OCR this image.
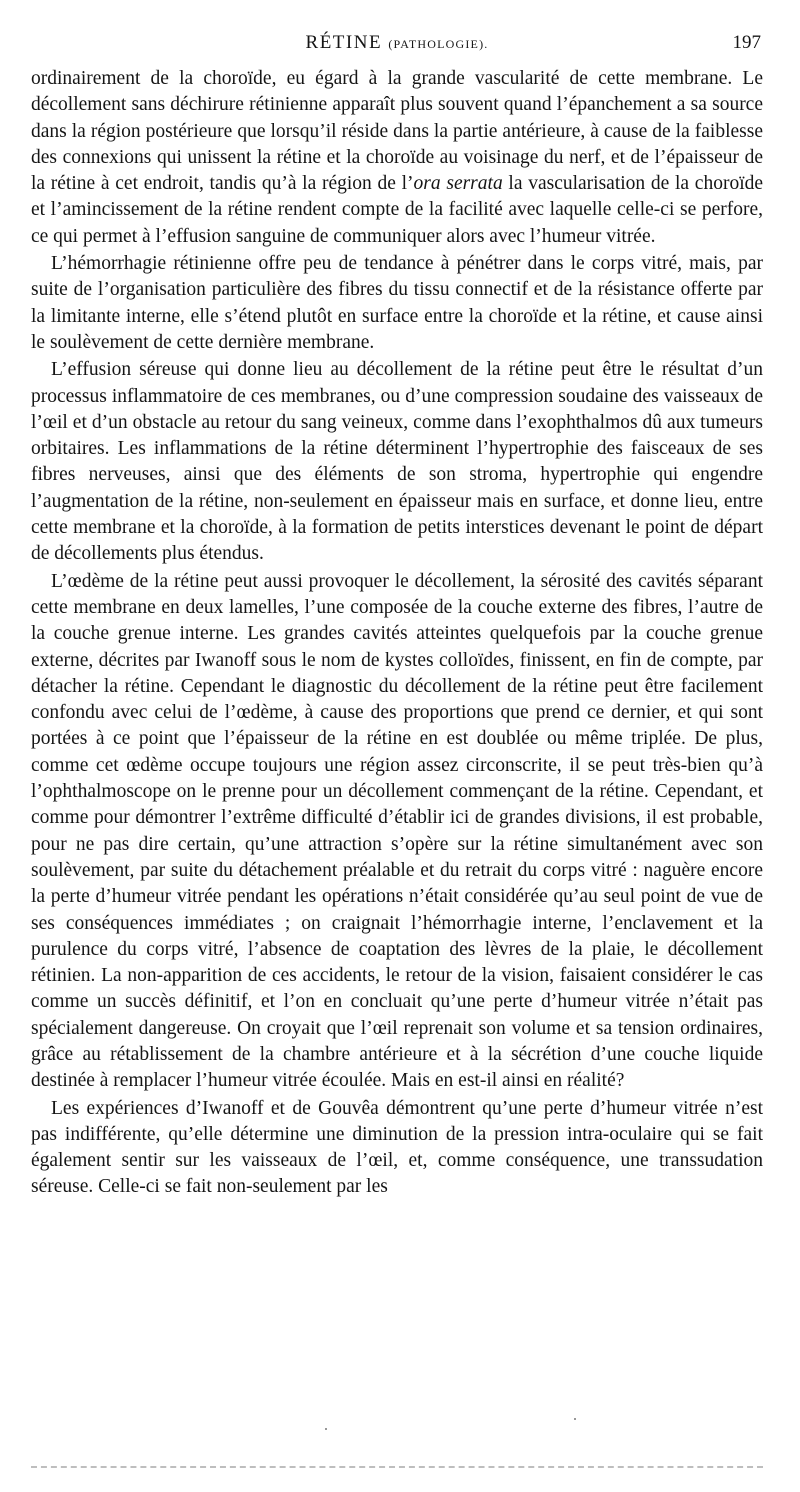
RÉTINE (PATHOLOGIE).	197

ordinairement de la choroïde, eu égard à la grande vascularité de cette membrane. Le décollement sans déchirure rétinienne apparaît plus souvent quand l’épanchement a sa source dans la région postérieure que lorsqu’il réside dans la partie antérieure, à cause de la faiblesse des connexions qui unissent la rétine et la choroïde au voisinage du nerf, et de l’épaisseur de la rétine à cet endroit, tandis qu’à la région de l’ora serrata la vascularisation de la choroïde et l’amincissement de la rétine rendent compte de la facilité avec laquelle celle-ci se perfore, ce qui permet à l’effusion sanguine de communiquer alors avec l’humeur vitrée.

L’hémorrhagie rétinienne offre peu de tendance à pénétrer dans le corps vitré, mais, par suite de l’organisation particulière des fibres du tissu connectif et de la résistance offerte par la limitante interne, elle s’étend plutôt en surface entre la choroïde et la rétine, et cause ainsi le soulèvement de cette dernière membrane.

L’effusion séreuse qui donne lieu au décollement de la rétine peut être le résultat d’un processus inflammatoire de ces membranes, ou d’une compression soudaine des vaisseaux de l’œil et d’un obstacle au retour du sang veineux, comme dans l’exophthalmos dû aux tumeurs orbitaires. Les inflammations de la rétine déterminent l’hypertrophie des faisceaux de ses fibres nerveuses, ainsi que des éléments de son stroma, hypertrophie qui engendre l’augmentation de la rétine, non-seulement en épaisseur mais en surface, et donne lieu, entre cette membrane et la choroïde, à la formation de petits interstices devenant le point de départ de décollements plus étendus.

L’œdème de la rétine peut aussi provoquer le décollement, la sérosité des cavités séparant cette membrane en deux lamelles, l’une composée de la couche externe des fibres, l’autre de la couche grenue interne. Les grandes cavités atteintes quelquefois par la couche grenue externe, décrites par Iwanoff sous le nom de kystes colloïdes, finissent, en fin de compte, par détacher la rétine. Cependant le diagnostic du décollement de la rétine peut être facilement confondu avec celui de l’œdème, à cause des proportions que prend ce dernier, et qui sont portées à ce point que l’épaisseur de la rétine en est doublée ou même triplée. De plus, comme cet œdème occupe toujours une région assez circonscrite, il se peut très-bien qu’à l’ophthalmoscope on le prenne pour un décollement commençant de la rétine. Cependant, et comme pour démontrer l’extrême difficulté d’établir ici de grandes divisions, il est probable, pour ne pas dire certain, qu’une attraction s’opère sur la rétine simultanément avec son soulèvement, par suite du détachement préalable et du retrait du corps vitré : naguère encore la perte d’humeur vitrée pendant les opérations n’était considérée qu’au seul point de vue de ses conséquences immédiates ; on craignait l’hémorrhagie interne, l’enclavement et la purulence du corps vitré, l’absence de coaptation des lèvres de la plaie, le décollement rétinien. La non-apparition de ces accidents, le retour de la vision, faisaient considérer le cas comme un succès définitif, et l’on en concluait qu’une perte d’humeur vitrée n’était pas spécialement dangereuse. On croyait que l’œil reprenait son volume et sa tension ordinaires, grâce au rétablissement de la chambre antérieure et à la sécrétion d’une couche liquide destinée à remplacer l’humeur vitrée écoulée. Mais en est-il ainsi en réalité?

Les expériences d’Iwanoff et de Gouvêa démontrent qu’une perte d’humeur vitrée n’est pas indifférente, qu’elle détermine une diminution de la pression intra-oculaire qui se fait également sentir sur les vaisseaux de l’œil, et, comme conséquence, une transsudation séreuse. Celle-ci se fait non-seulement par les
